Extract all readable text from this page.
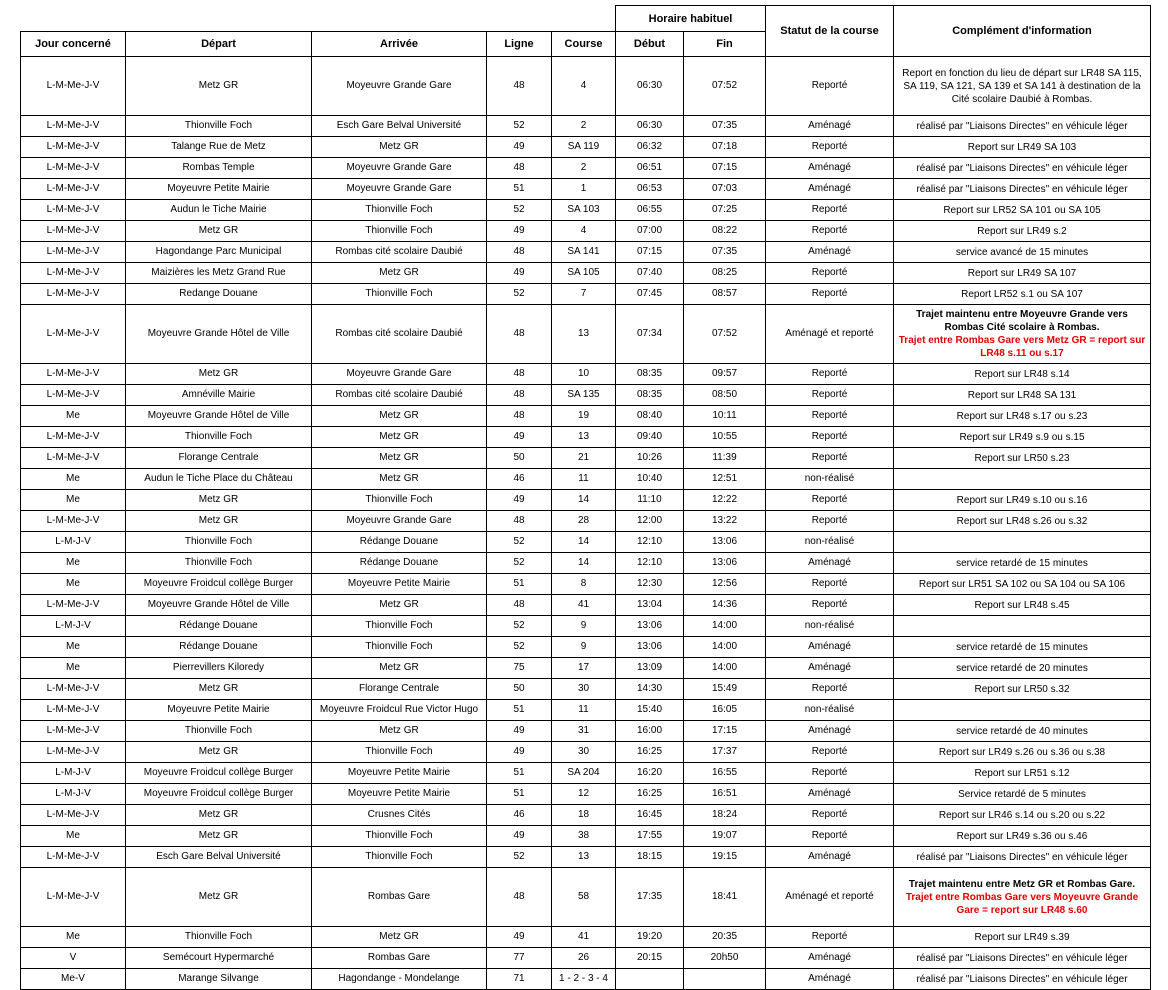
					Horaire habituel		Statut de la course	Complément d'information
Jour concerné	Départ	Arrivée	Ligne	Course	Début	Fin		
L-M-Me-J-V	Metz GR	Moyeuvre Grande Gare	48	4	06:30	07:52	Reporté	Report en fonction du lieu de départ sur LR48 SA 115, SA 119, SA 121, SA 139 et SA 141 à destination de la Cité scolaire Daubié à Rombas.

L-M-Me-J-V	Thionville Foch	Esch Gare Belval Université	52	2	06:30	07:35	Aménagé	réalisé par "Liaisons Directes" en véhicule léger

L-M-Me-J-V	Talange Rue de Metz	Metz GR	49	SA 119	06:32	07:18	Reporté	Report sur LR49 SA 103

L-M-Me-J-V	Rombas Temple	Moyeuvre Grande Gare	48	2	06:51	07:15	Aménagé	réalisé par "Liaisons Directes" en véhicule léger

L-M-Me-J-V	Moyeuvre Petite Mairie	Moyeuvre Grande Gare	51	1	06:53	07:03	Aménagé	réalisé par "Liaisons Directes" en véhicule léger

L-M-Me-J-V	Audun le Tiche Mairie	Thionville Foch	52	SA 103	06:55	07:25	Reporté	Report sur LR52 SA 101 ou SA 105

L-M-Me-J-V	Metz GR	Thionville Foch	49	4	07:00	08:22	Reporté	Report sur LR49 s.2

L-M-Me-J-V	Hagondange Parc Municipal	Rombas cité scolaire Daubié	48	SA 141	07:15	07:35	Aménagé	service avancé de 15 minutes

L-M-Me-J-V	Maizières les Metz Grand Rue	Metz GR	49	SA 105	07:40	08:25	Reporté	Report sur LR49 SA 107

L-M-Me-J-V	Redange Douane	Thionville Foch	52	7	07:45	08:57	Reporté	Report LR52 s.1 ou SA 107

L-M-Me-J-V	Moyeuvre Grande Hôtel de Ville	Rombas cité scolaire Daubié	48	13	07:34	07:52	Aménagé et reporté	Trajet maintenu entre Moyeuvre Grande vers Rombas Cité scolaire à Rombas.
Trajet entre Rombas Gare vers Metz GR = report sur LR48 s.11 ou s.17

L-M-Me-J-V	Metz GR	Moyeuvre Grande Gare	48	10	08:35	09:57	Reporté	Report sur LR48 s.14

L-M-Me-J-V	Amnéville Mairie	Rombas cité scolaire Daubié	48	SA 135	08:35	08:50	Reporté	Report sur LR48 SA 131

Me	Moyeuvre Grande Hôtel de Ville	Metz GR	48	19	08:40	10:11	Reporté	Report sur LR48 s.17 ou s.23

L-M-Me-J-V	Thionville Foch	Metz GR	49	13	09:40	10:55	Reporté	Report sur LR49 s.9 ou s.15

L-M-Me-J-V	Florange Centrale	Metz GR	50	21	10:26	11:39	Reporté	Report sur LR50 s.23

Me	Audun le Tiche Place du Château	Metz GR	46	11	10:40	12:51	non-réalisé	
Me	Metz GR	Thionville Foch	49	14	11:10	12:22	Reporté	Report sur LR49 s.10 ou s.16

L-M-Me-J-V	Metz GR	Moyeuvre Grande Gare	48	28	12:00	13:22	Reporté	Report sur LR48 s.26 ou s.32

L-M-J-V	Thionville Foch	Rédange Douane	52	14	12:10	13:06	non-réalisé	
Me	Thionville Foch	Rédange Douane	52	14	12:10	13:06	Aménagé	service retardé de 15 minutes

Me	Moyeuvre Froidcul collège Burger	Moyeuvre Petite Mairie	51	8	12:30	12:56	Reporté	Report sur LR51 SA 102 ou SA 104 ou SA 106

L-M-Me-J-V	Moyeuvre Grande Hôtel de Ville	Metz GR	48	41	13:04	14:36	Reporté	Report sur LR48 s.45

L-M-J-V	Rédange Douane	Thionville Foch	52	9	13:06	14:00	non-réalisé	
Me	Rédange Douane	Thionville Foch	52	9	13:06	14:00	Aménagé	service retardé de 15 minutes

Me	Pierrevillers Kiloredy	Metz GR	75	17	13:09	14:00	Aménagé	service retardé de 20 minutes

L-M-Me-J-V	Metz GR	Florange Centrale	50	30	14:30	15:49	Reporté	Report sur LR50 s.32

L-M-Me-J-V	Moyeuvre Petite Mairie	Moyeuvre Froidcul Rue Victor Hugo	51	11	15:40	16:05	non-réalisé	
L-M-Me-J-V	Thionville Foch	Metz GR	49	31	16:00	17:15	Aménagé	service retardé de 40 minutes

L-M-Me-J-V	Metz GR	Thionville Foch	49	30	16:25	17:37	Reporté	Report sur LR49 s.26 ou s.36 ou s.38

L-M-J-V	Moyeuvre Froidcul collège Burger	Moyeuvre Petite Mairie	51	SA 204	16:20	16:55	Reporté	Report sur LR51 s.12

L-M-J-V	Moyeuvre Froidcul collège Burger	Moyeuvre Petite Mairie	51	12	16:25	16:51	Aménagé	Service retardé de 5 minutes

L-M-Me-J-V	Metz GR	Crusnes Cités	46	18	16:45	18:24	Reporté	Report sur LR46 s.14 ou s.20 ou s.22

Me	Metz GR	Thionville Foch	49	38	17:55	19:07	Reporté	Report sur LR49 s.36 ou s.46

L-M-Me-J-V	Esch Gare Belval Université	Thionville Foch	52	13	18:15	19:15	Aménagé	réalisé par "Liaisons Directes" en véhicule léger

L-M-Me-J-V	Metz GR	Rombas Gare	48	58	17:35	18:41	Aménagé et reporté	Trajet maintenu entre Metz GR et Rombas Gare.
Trajet entre Rombas Gare vers Moyeuvre Grande Gare = report sur LR48 s.60

Me	Thionville Foch	Metz GR	49	41	19:20	20:35	Reporté	Report sur LR49 s.39

V	Semécourt Hypermarché	Rombas Gare	77	26	20:15	20h50	Aménagé	réalisé par "Liaisons Directes" en véhicule léger

Me-V	Marange Silvange	Hagondange - Mondelange	71	1 - 2 - 3 - 4			Aménagé	réalisé par "Liaisons Directes" en véhicule léger
